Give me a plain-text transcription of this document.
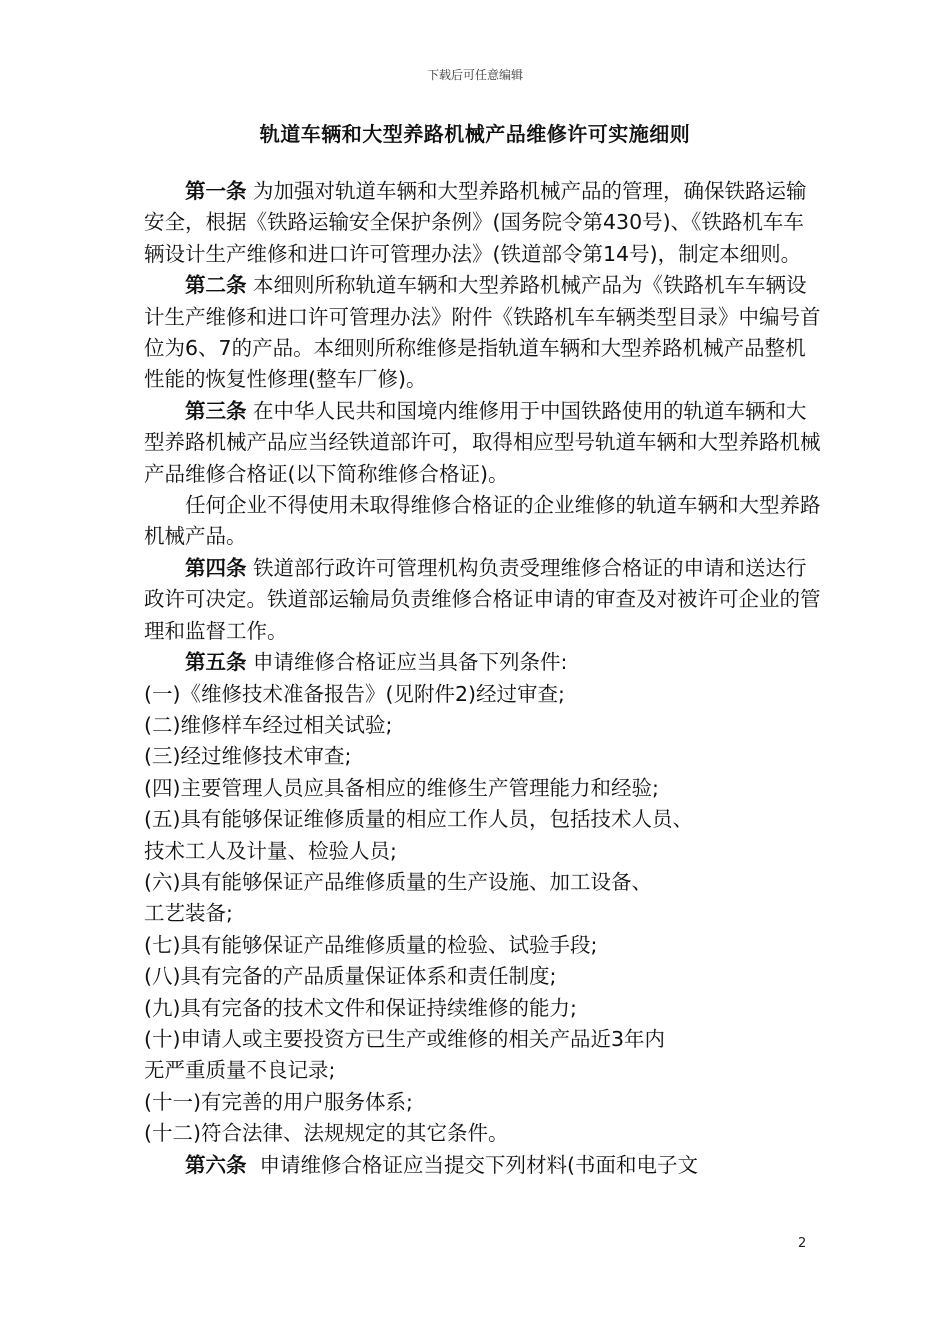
下载后可任意编辑
轨道车辆和大型养路机械产品维修许可实施细则

第一条 为加强对轨道车辆和大型养路机械产品的管理，确保铁路运输安全，根据《铁路运输安全保护条例》(国务院令第430号)、《铁路机车车辆设计生产维修和进口许可管理办法》(铁道部令第14号)，制定本细则。

第二条 本细则所称轨道车辆和大型养路机械产品为《铁路机车车辆设计生产维修和进口许可管理办法》附件《铁路机车车辆类型目录》中编号首位为6、7的产品。本细则所称维修是指轨道车辆和大型养路机械产品整机性能的恢复性修理(整车厂修)。

第三条 在中华人民共和国境内维修用于中国铁路使用的轨道车辆和大型养路机械产品应当经铁道部许可，取得相应型号轨道车辆和大型养路机械产品维修合格证(以下简称维修合格证)。

任何企业不得使用未取得维修合格证的企业维修的轨道车辆和大型养路机械产品。

第四条 铁道部行政许可管理机构负责受理维修合格证的申请和送达行政许可决定。铁道部运输局负责维修合格证申请的审查及对被许可企业的管理和监督工作。

第五条 申请维修合格证应当具备下列条件:

(一)《维修技术准备报告》(见附件2)经过审查;

(二)维修样车经过相关试验;

(三)经过维修技术审查;

(四)主要管理人员应具备相应的维修生产管理能力和经验;

(五)具有能够保证维修质量的相应工作人员，包括技术人员、

技术工人及计量、检验人员;

(六)具有能够保证产品维修质量的生产设施、加工设备、

工艺装备;

(七)具有能够保证产品维修质量的检验、试验手段;

(八)具有完备的产品质量保证体系和责任制度;

(九)具有完备的技术文件和保证持续维修的能力;

(十)申请人或主要投资方已生产或维修的相关产品近3年内

无严重质量不良记录;

(十一)有完善的用户服务体系;

(十二)符合法律、法规规定的其它条件。

第六条 申请维修合格证应当提交下列材料(书面和电子文

2
